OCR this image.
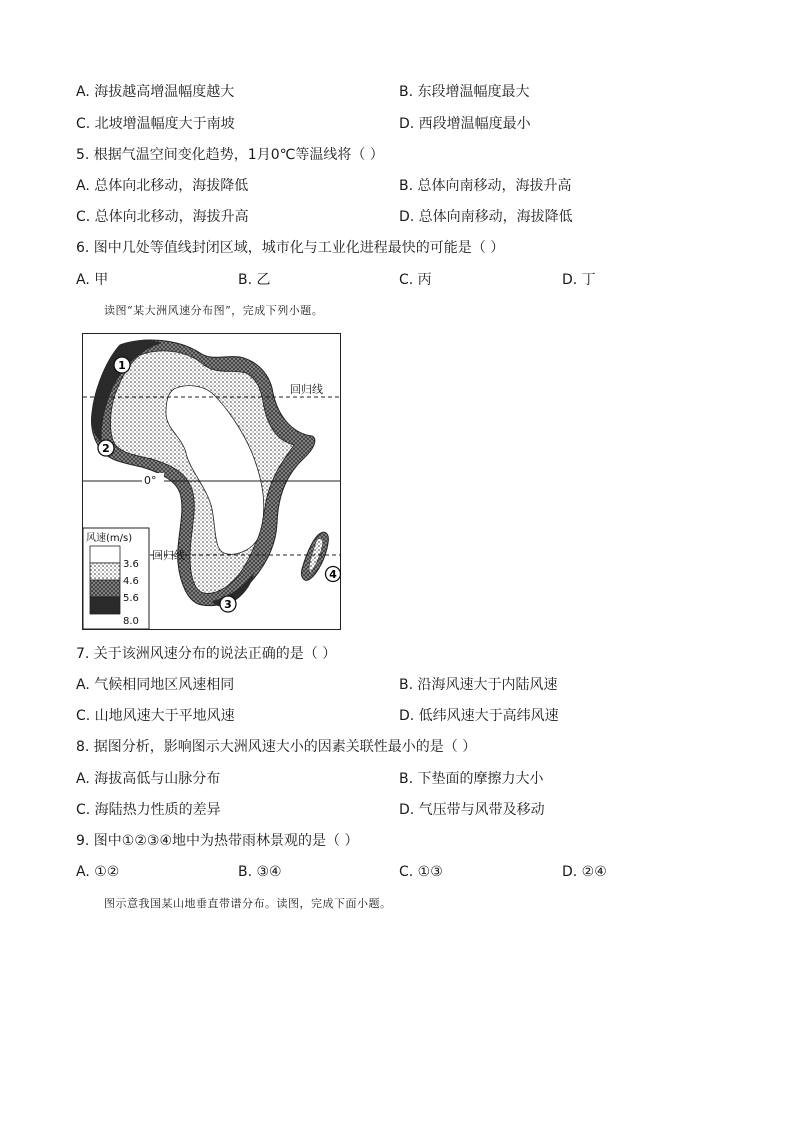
A. 海拔越高增温幅度越大	B. 东段增温幅度最大
C. 北坡增温幅度大于南坡	D. 西段增温幅度最小
5. 根据气温空间变化趋势，1月0℃等温线将（ ）
A. 总体向北移动，海拔降低	B. 总体向南移动，海拔升高
C. 总体向北移动，海拔升高	D. 总体向南移动，海拔降低
6. 图中几处等值线封闭区域，城市化与工业化进程最快的可能是（ ）
A. 甲	B. 乙	C. 丙	D. 丁
读图“某大洲风速分布图”，完成下列小题。
回归线
0°
回归线
1
2
3
4
风速(m/s)
3.6
4.6
5.6
8.0
7. 关于该洲风速分布的说法正确的是（ ）
A. 气候相同地区风速相同	B. 沿海风速大于内陆风速
C. 山地风速大于平地风速	D. 低纬风速大于高纬风速
8. 据图分析，影响图示大洲风速大小的因素关联性最小的是（ ）
A. 海拔高低与山脉分布	B. 下垫面的摩擦力大小
C. 海陆热力性质的差异	D. 气压带与风带及移动
9. 图中①②③④地中为热带雨林景观的是（ ）
A. ①②	B. ③④	C. ①③	D. ②④
图示意我国某山地垂直带谱分布。读图，完成下面小题。
